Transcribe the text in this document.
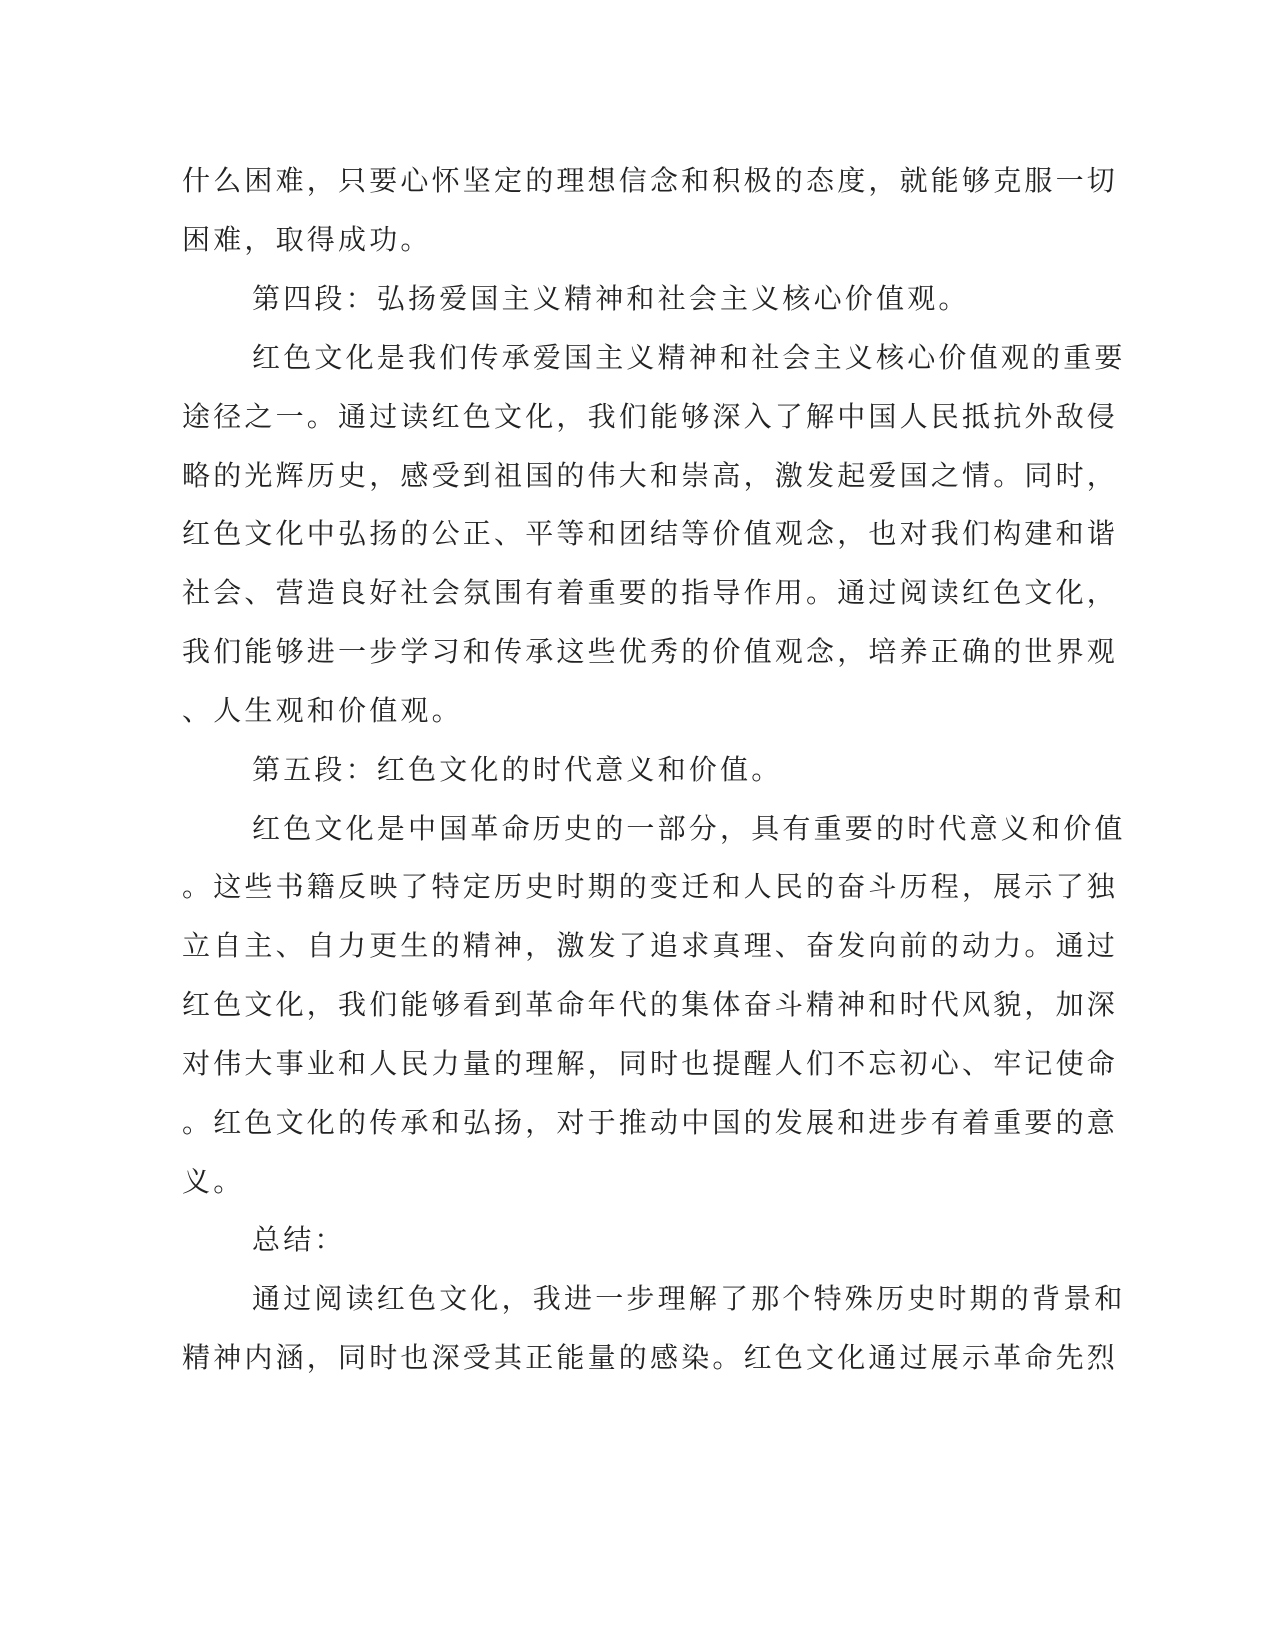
什么困难，只要心怀坚定的理想信念和积极的态度，就能够克服一切

困难，取得成功。

第四段：弘扬爱国主义精神和社会主义核心价值观。

红色文化是我们传承爱国主义精神和社会主义核心价值观的重要

途径之一。通过读红色文化，我们能够深入了解中国人民抵抗外敌侵

略的光辉历史，感受到祖国的伟大和崇高，激发起爱国之情。同时，

红色文化中弘扬的公正、平等和团结等价值观念，也对我们构建和谐

社会、营造良好社会氛围有着重要的指导作用。通过阅读红色文化，

我们能够进一步学习和传承这些优秀的价值观念，培养正确的世界观

、人生观和价值观。

第五段：红色文化的时代意义和价值。

红色文化是中国革命历史的一部分，具有重要的时代意义和价值

。这些书籍反映了特定历史时期的变迁和人民的奋斗历程，展示了独

立自主、自力更生的精神，激发了追求真理、奋发向前的动力。通过

红色文化，我们能够看到革命年代的集体奋斗精神和时代风貌，加深

对伟大事业和人民力量的理解，同时也提醒人们不忘初心、牢记使命

。红色文化的传承和弘扬，对于推动中国的发展和进步有着重要的意

义。

总结：

通过阅读红色文化，我进一步理解了那个特殊历史时期的背景和

精神内涵，同时也深受其正能量的感染。红色文化通过展示革命先烈
